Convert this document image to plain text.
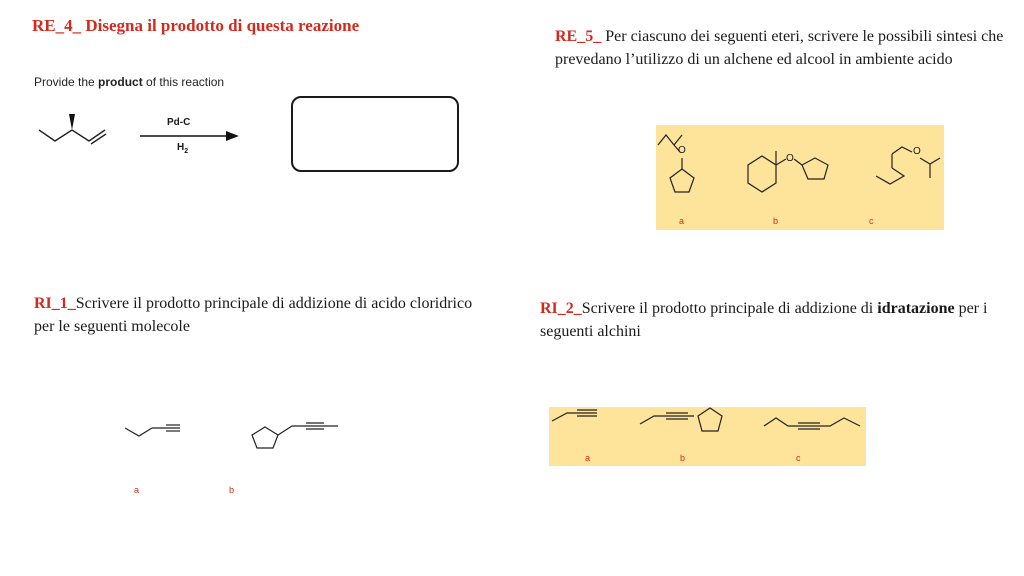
RE_4_ Disegna il prodotto di questa reazione
Provide the product of this reaction
Pd-C
$H_2$
RE_5_ Per ciascuno dei seguenti eteri, scrivere le possibili sintesi che prevedano l’utilizzo di un alchene ed alcool in ambiente acido
O
O
O
a	b	c
RI_1_Scrivere il prodotto principale di addizione di acido cloridrico per le seguenti molecole
a	b
RI_2_Scrivere il prodotto principale di addizione di idratazione per i seguenti alchini
a	b	c
